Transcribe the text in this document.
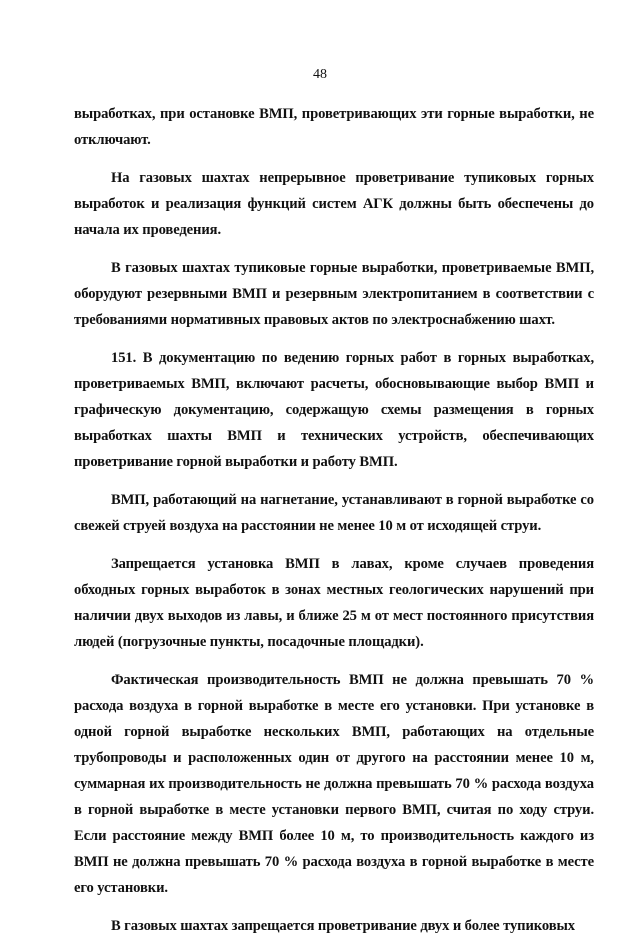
48

выработках, при остановке ВМП, проветривающих эти горные выработки, не отключают.

На газовых шахтах непрерывное проветривание тупиковых горных выработок и реализация функций систем АГК должны быть обеспечены до начала их проведения.

В газовых шахтах тупиковые горные выработки, проветриваемые ВМП, оборудуют резервными ВМП и резервным электропитанием в соответствии с требованиями нормативных правовых актов по электроснабжению шахт.

151. В документацию по ведению горных работ в горных выработках, проветриваемых ВМП, включают расчеты, обосновывающие выбор ВМП и графическую документацию, содержащую схемы размещения в горных выработках шахты ВМП и технических устройств, обеспечивающих проветривание горной выработки и работу ВМП.

ВМП, работающий на нагнетание, устанавливают в горной выработке со свежей струей воздуха на расстоянии не менее 10 м от исходящей струи.

Запрещается установка ВМП в лавах, кроме случаев проведения обходных горных выработок в зонах местных геологических нарушений при наличии двух выходов из лавы, и ближе 25 м от мест постоянного присутствия людей (погрузочные пункты, посадочные площадки).

Фактическая производительность ВМП не должна превышать 70 % расхода воздуха в горной выработке в месте его установки. При установке в одной горной выработке нескольких ВМП, работающих на отдельные трубопроводы и расположенных один от другого на расстоянии менее 10 м, суммарная их производительность не должна превышать 70 % расхода воздуха в горной выработке в месте установки первого ВМП, считая по ходу струи. Если расстояние между ВМП более 10 м, то производительность каждого из ВМП не должна превышать 70 % расхода воздуха в горной выработке в месте его установки.

В газовых шахтах запрещается проветривание двух и более тупиковых
